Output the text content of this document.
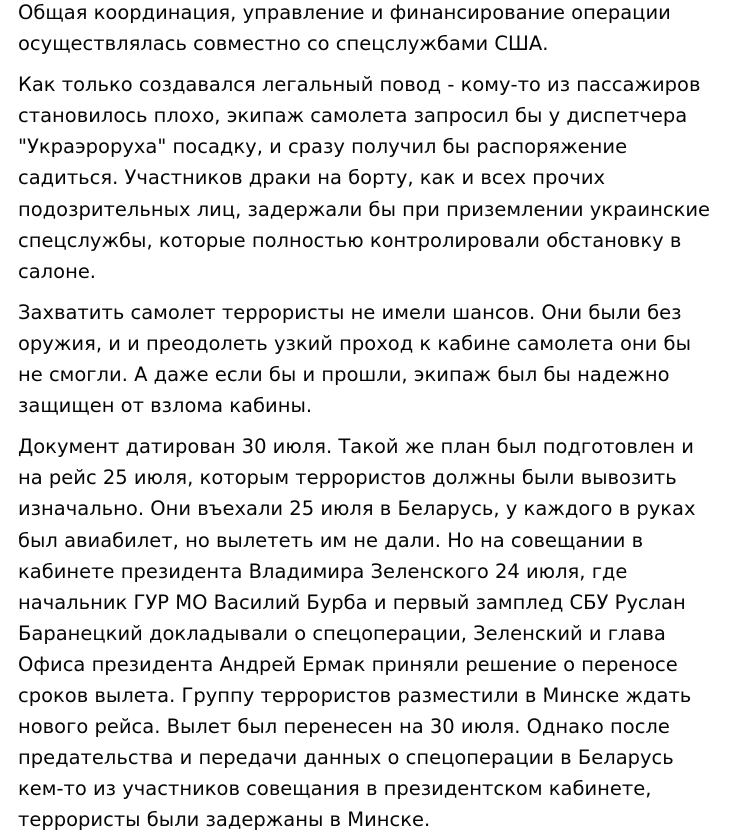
Общая координация, управление и финансирование операции
осуществлялась совместно со спецслужбами США.

Как только создавался легальный повод - кому-то из пассажиров
становилось плохо, экипаж самолета запросил бы у диспетчера
"Украэроруха" посадку, и сразу получил бы распоряжение
садиться. Участников драки на борту, как и всех прочих
подозрительных лиц, задержали бы при приземлении украинские
спецслужбы, которые полностью контролировали обстановку в
салоне.

Захватить самолет террористы не имели шансов. Они были без
оружия, и и преодолеть узкий проход к кабине самолета они бы
не смогли. А даже если бы и прошли, экипаж был бы надежно
защищен от взлома кабины.

Документ датирован 30 июля. Такой же план был подготовлен и
на рейс 25 июля, которым террористов должны были вывозить
изначально. Они въехали 25 июля в Беларусь, у каждого в руках
был авиабилет, но вылететь им не дали. Но на совещании в
кабинете президента Владимира Зеленского 24 июля, где
начальник ГУР МО Василий Бурба и первый замплед СБУ Руслан
Баранецкий докладывали о спецоперации, Зеленский и глава
Офиса президента Андрей Ермак приняли решение о переносе
сроков вылета. Группу террористов разместили в Минске ждать
нового рейса. Вылет был перенесен на 30 июля. Однако после
предательства и передачи данных о спецоперации в Беларусь
кем-то из участников совещания в президентском кабинете,
террористы были задержаны в Минске.
